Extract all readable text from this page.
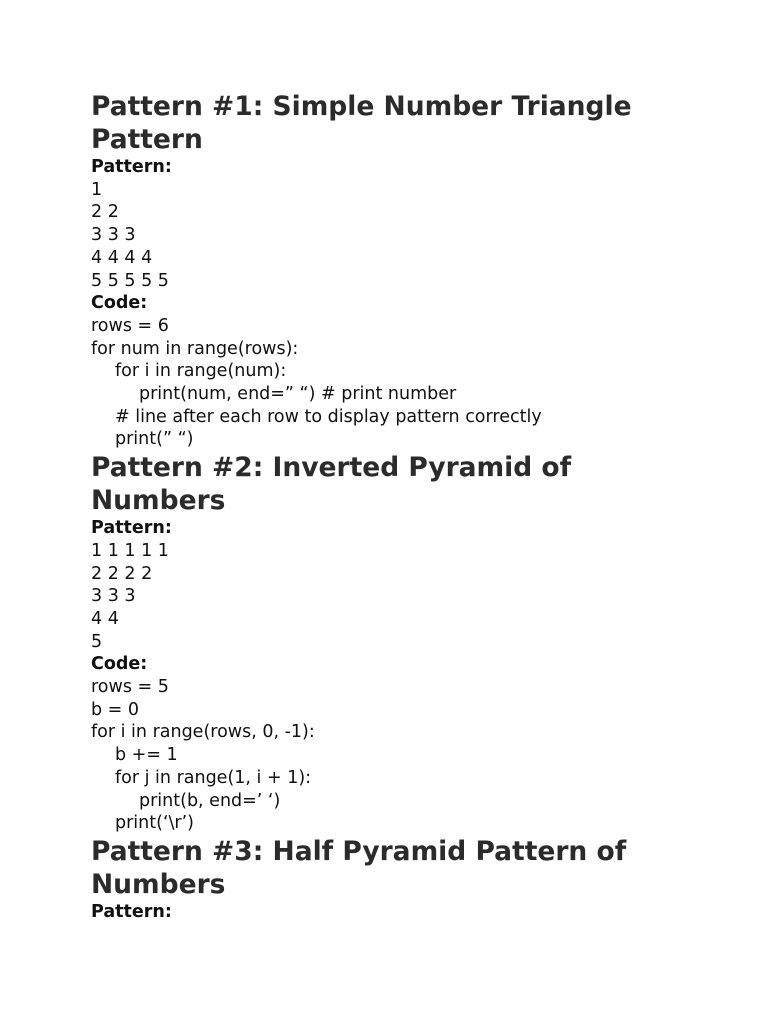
Pattern #1: Simple Number Triangle Pattern
Pattern:
1
2 2
3 3 3
4 4 4 4
5 5 5 5 5
Code:
rows = 6
for num in range(rows):
for i in range(num):
print(num, end=” “) # print number
# line after each row to display pattern correctly
print(” “)
Pattern #2: Inverted Pyramid of Numbers
Pattern:
1 1 1 1 1
2 2 2 2
3 3 3
4 4
5
Code:
rows = 5
b = 0
for i in range(rows, 0, -1):
b += 1
for j in range(1, i + 1):
print(b, end=’ ‘)
print(‘\r’)
Pattern #3: Half Pyramid Pattern of Numbers
Pattern:
